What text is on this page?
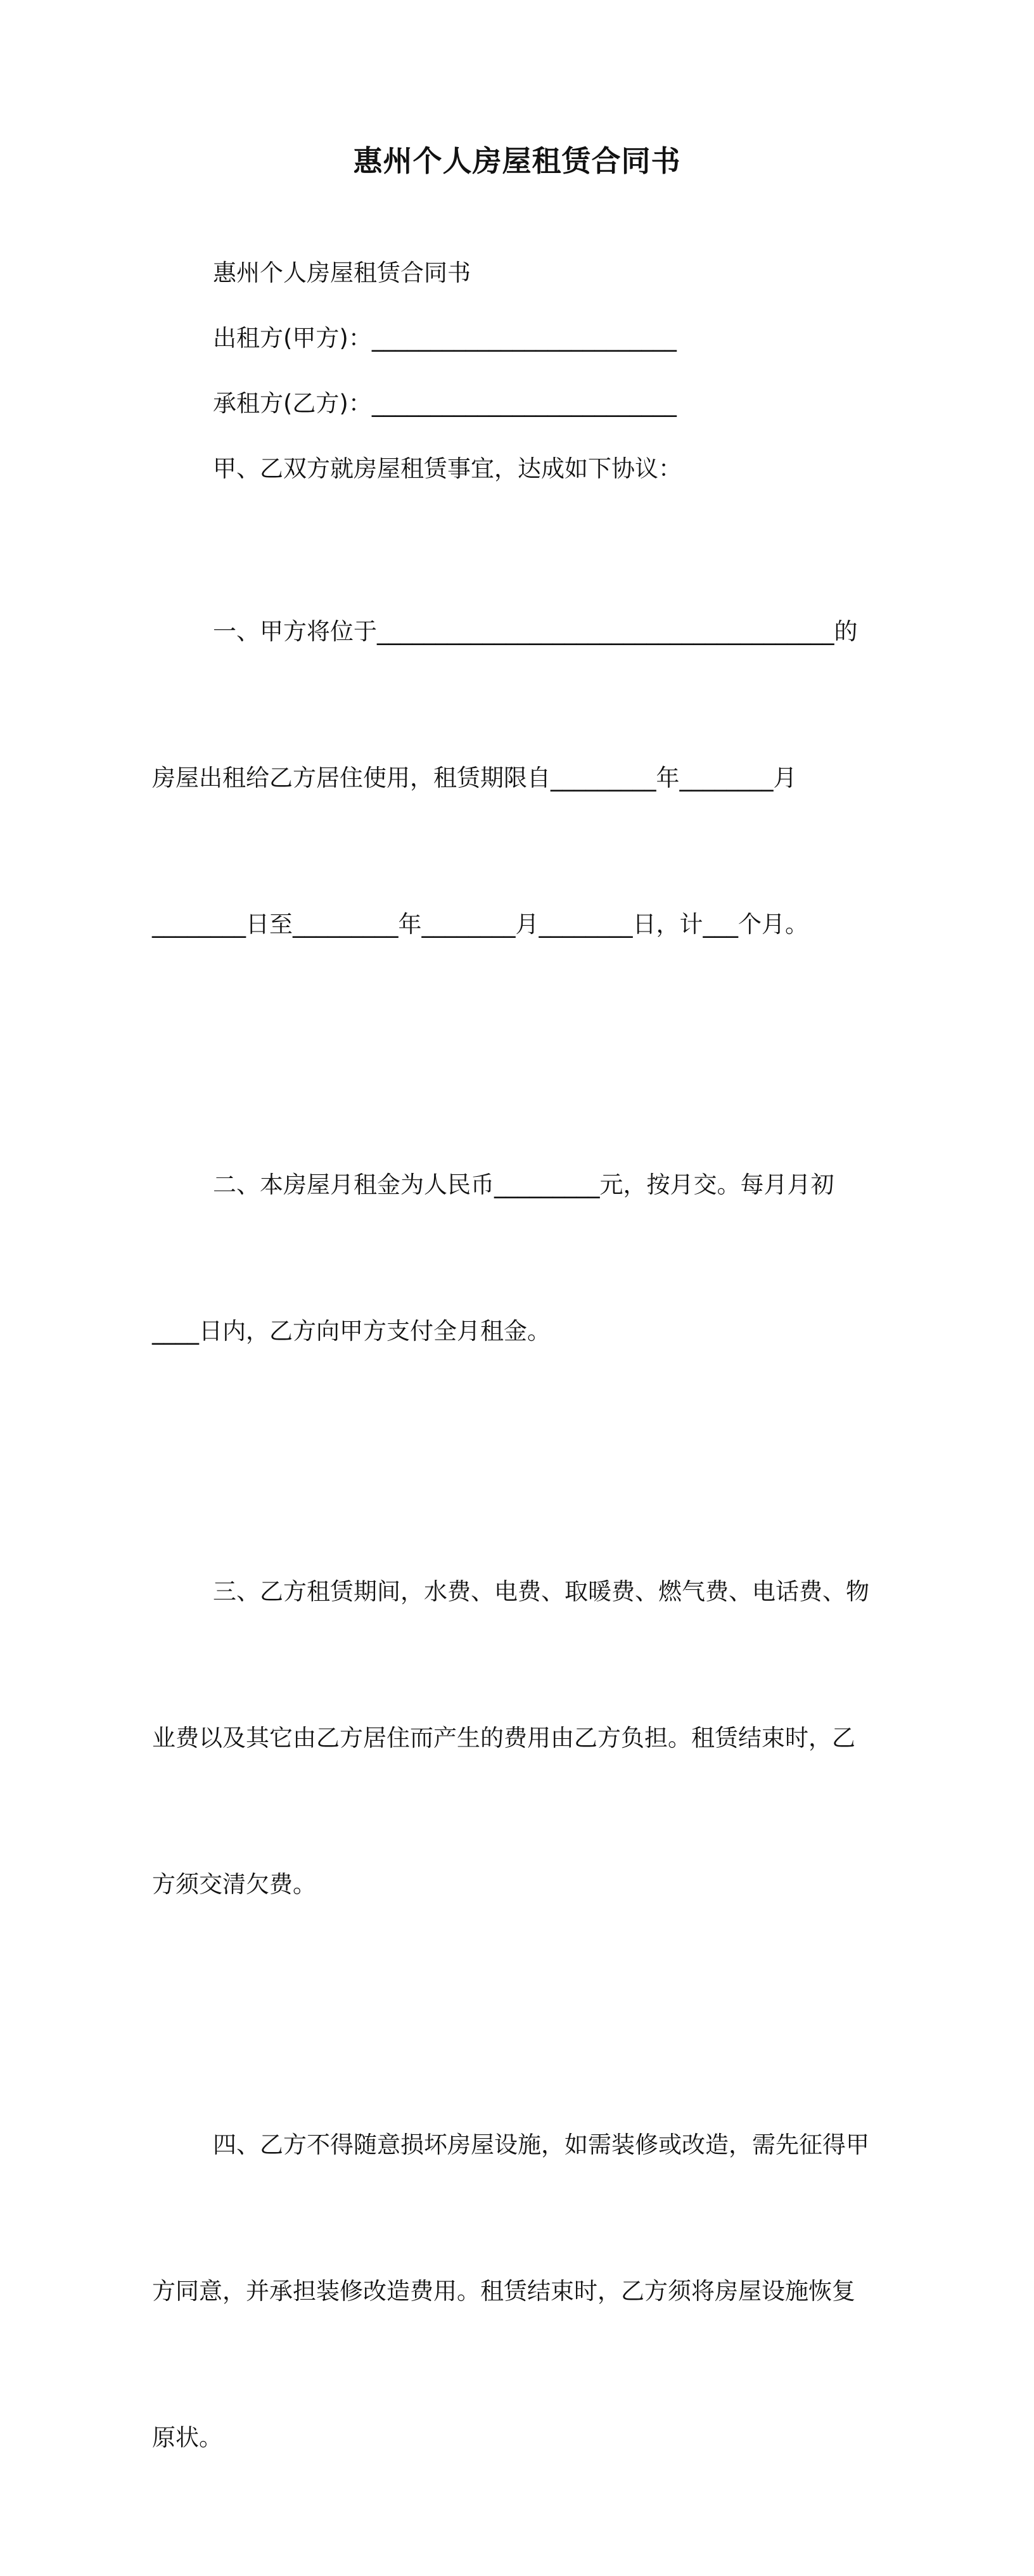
惠州个人房屋租赁合同书
惠州个人房屋租赁合同书
出租方(甲方)：__________________________
承租方(乙方)：__________________________
甲、乙双方就房屋租赁事宜，达成如下协议：

一、甲方将位于_______________________________________的

房屋出租给乙方居住使用，租赁期限自_________年________月

________日至_________年________月________日，计___个月。

二、本房屋月租金为人民币_________元，按月交。每月月初

____日内，乙方向甲方支付全月租金。

三、乙方租赁期间，水费、电费、取暖费、燃气费、电话费、物

业费以及其它由乙方居住而产生的费用由乙方负担。租赁结束时，乙

方须交清欠费。

四、乙方不得随意损坏房屋设施，如需装修或改造，需先征得甲

方同意，并承担装修改造费用。租赁结束时，乙方须将房屋设施恢复

原状。
